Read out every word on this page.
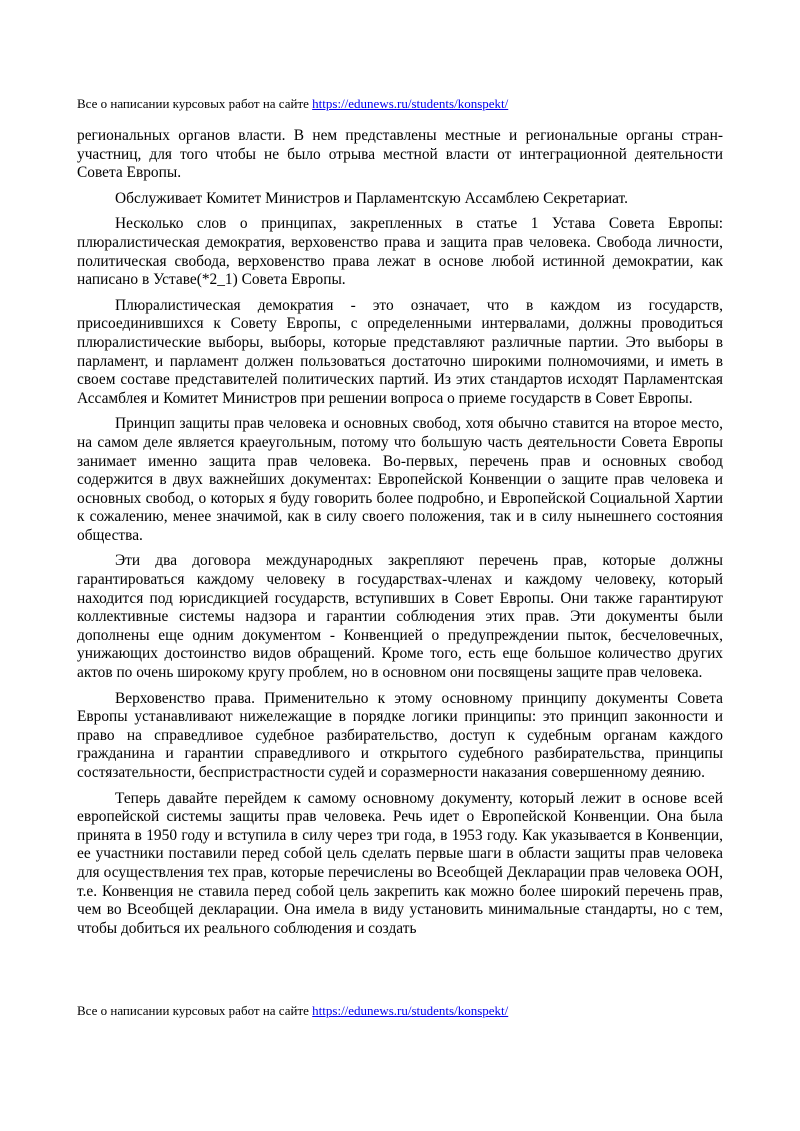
Все о написании курсовых работ на сайте https://edunews.ru/students/konspekt/

региональных органов власти. В нем представлены местные и региональные органы стран-участниц, для того чтобы не было отрыва местной власти от интеграционной деятельности Совета Европы.

Обслуживает Комитет Министров и Парламентскую Ассамблею Секретариат.

Несколько слов о принципах, закрепленных в статье 1 Устава Совета Европы: плюралистическая демократия, верховенство права и защита прав человека. Свобода личности, политическая свобода, верховенство права лежат в основе любой истинной демократии, как написано в Уставе(*2_1) Совета Европы.

Плюралистическая демократия - это означает, что в каждом из государств, присоединившихся к Совету Европы, с определенными интервалами, должны проводиться плюралистические выборы, выборы, которые представляют различные партии. Это выборы в парламент, и парламент должен пользоваться достаточно широкими полномочиями, и иметь в своем составе представителей политических партий. Из этих стандартов исходят Парламентская Ассамблея и Комитет Министров при решении вопроса о приеме государств в Совет Европы.

Принцип защиты прав человека и основных свобод, хотя обычно ставится на второе место, на самом деле является краеугольным, потому что большую часть деятельности Совета Европы занимает именно защита прав человека. Во-первых, перечень прав и основных свобод содержится в двух важнейших документах: Европейской Конвенции о защите прав человека и основных свобод, о которых я буду говорить более подробно, и Европейской Социальной Хартии к сожалению, менее значимой, как в силу своего положения, так и в силу нынешнего состояния общества.

Эти два договора международных закрепляют перечень прав, которые должны гарантироваться каждому человеку в государствах-членах и каждому человеку, который находится под юрисдикцией государств, вступивших в Совет Европы. Они также гарантируют коллективные системы надзора и гарантии соблюдения этих прав. Эти документы были дополнены еще одним документом - Конвенцией о предупреждении пыток, бесчеловечных, унижающих достоинство видов обращений. Кроме того, есть еще большое количество других актов по очень широкому кругу проблем, но в основном они посвящены защите прав человека.

Верховенство права. Применительно к этому основному принципу документы Совета Европы устанавливают нижележащие в порядке логики принципы: это принцип законности и право на справедливое судебное разбирательство, доступ к судебным органам каждого гражданина и гарантии справедливого и открытого судебного разбирательства, принципы состязательности, беспристрастности судей и соразмерности наказания совершенному деянию.

Теперь давайте перейдем к самому основному документу, который лежит в основе всей европейской системы защиты прав человека. Речь идет о Европейской Конвенции. Она была принята в 1950 году и вступила в силу через три года, в 1953 году. Как указывается в Конвенции, ее участники поставили перед собой цель сделать первые шаги в области защиты прав человека для осуществления тех прав, которые перечислены во Всеобщей Декларации прав человека ООН, т.е. Конвенция не ставила перед собой цель закрепить как можно более широкий перечень прав, чем во Всеобщей декларации. Она имела в виду установить минимальные стандарты, но с тем, чтобы добиться их реального соблюдения и создать

Все о написании курсовых работ на сайте https://edunews.ru/students/konspekt/
